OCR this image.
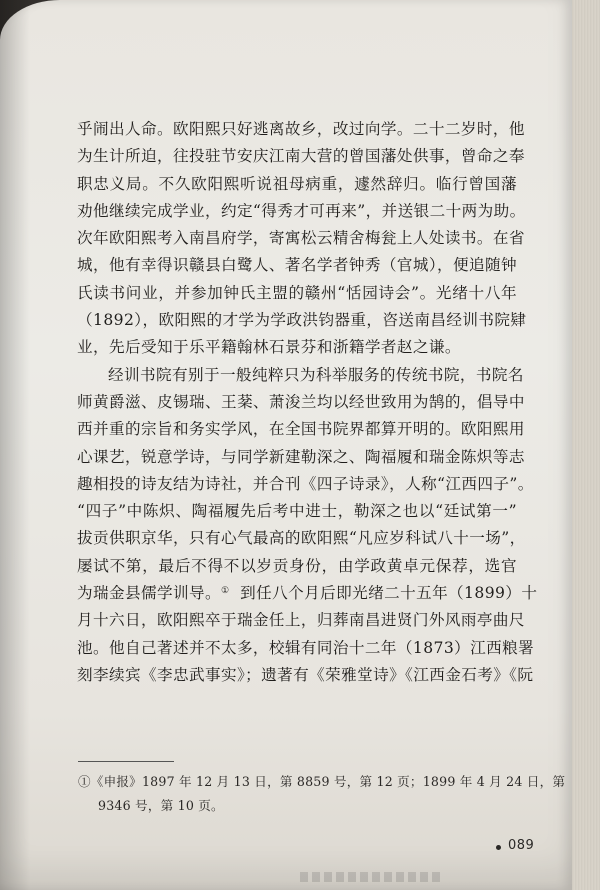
乎闹出人命。欧阳熙只好逃离故乡，改过向学。二十二岁时，他
为生计所迫，往投驻节安庆江南大营的曾国藩处供事，曾命之奉
职忠义局。不久欧阳熙听说祖母病重，遽然辞归。临行曾国藩
劝他继续完成学业，约定“得秀才可再来”，并送银二十两为助。
次年欧阳熙考入南昌府学，寄寓松云精舍梅瓮上人处读书。在省
城，他有幸得识赣县白鹭人、著名学者钟秀（官城），便追随钟
氏读书问业，并参加钟氏主盟的赣州“恬园诗会”。光绪十八年
（1892），欧阳熙的才学为学政洪钧器重，咨送南昌经训书院肄
业，先后受知于乐平籍翰林石景芬和浙籍学者赵之谦。
经训书院有别于一般纯粹只为科举服务的传统书院，书院名
师黄爵滋、皮锡瑞、王棻、萧浚兰均以经世致用为鹄的，倡导中
西并重的宗旨和务实学风，在全国书院界都算开明的。欧阳熙用
心课艺，锐意学诗，与同学新建勒深之、陶福履和瑞金陈炽等志
趣相投的诗友结为诗社，并合刊《四子诗录》，人称“江西四子”。
“四子”中陈炽、陶福履先后考中进士，勒深之也以“廷试第一”
拔贡供职京华，只有心气最高的欧阳熙“凡应岁科试八十一场”，
屡试不第，最后不得不以岁贡身份，由学政黄卓元保荐，选官
为瑞金县儒学训导。① 到任八个月后即光绪二十五年（1899）十
月十六日，欧阳熙卒于瑞金任上，归葬南昌进贤门外风雨亭曲尺
池。他自己著述并不太多，校辑有同治十二年（1873）江西粮署
刻李续宾《李忠武事实》；遗著有《荣雅堂诗》《江西金石考》《阮
①《申报》1897 年 12 月 13 日，第 8859 号，第 12 页；1899 年 4 月 24 日，第
9346 号，第 10 页。
089
